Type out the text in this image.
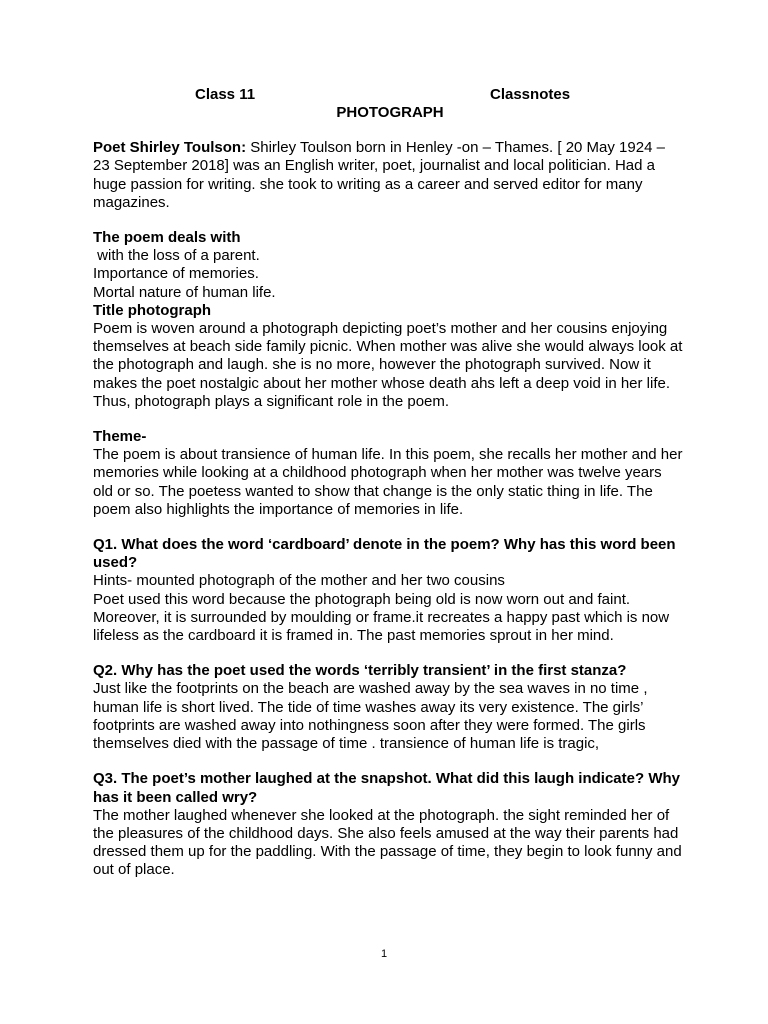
Class 11	Classnotes

PHOTOGRAPH

Poet Shirley Toulson: Shirley Toulson born in Henley -on – Thames. [ 20 May 1924 – 23 September 2018] was an English writer, poet, journalist and local politician. Had a huge passion for writing. she took to writing as a career and served editor for many magazines.

The poem deals with

with the loss of a parent.

Importance of memories.

Mortal nature of human life.

Title photograph

Poem is woven around a photograph depicting poet’s mother and her cousins enjoying themselves at beach side family picnic. When mother was alive she would always look at the photograph and laugh. she is no more, however the photograph survived. Now it makes the poet nostalgic about her mother whose death ahs left a deep void in her life. Thus, photograph plays a significant role in the poem.

Theme-

The poem is about transience of human life. In this poem, she recalls her mother and her memories while looking at a childhood photograph when her mother was twelve years old or so. The poetess wanted to show that change is the only static thing in life. The poem also highlights the importance of memories in life.

Q1. What does the word ‘cardboard’ denote in the poem? Why has this word been used?

Hints- mounted photograph of the mother and her two cousins

Poet used this word because the photograph being old is now worn out and faint. Moreover, it is surrounded by moulding or frame.it recreates a happy past which is now lifeless as the cardboard it is framed in. The past memories sprout in her mind.

Q2. Why has the poet used the words ‘terribly transient’ in the first stanza?

Just like the footprints on the beach are washed away by the sea waves in no time , human life is short lived. The tide of time washes away its very existence. The girls’ footprints are washed away into nothingness soon after they were formed. The girls themselves died with the passage of time . transience of human life is tragic,

Q3. The poet’s mother laughed at the snapshot. What did this laugh indicate? Why has it been called wry?

The mother laughed whenever she looked at the photograph. the sight reminded her of the pleasures of the childhood days. She also feels amused at the way their parents had dressed them up for the paddling. With the passage of time, they begin to look funny and out of place.

1
